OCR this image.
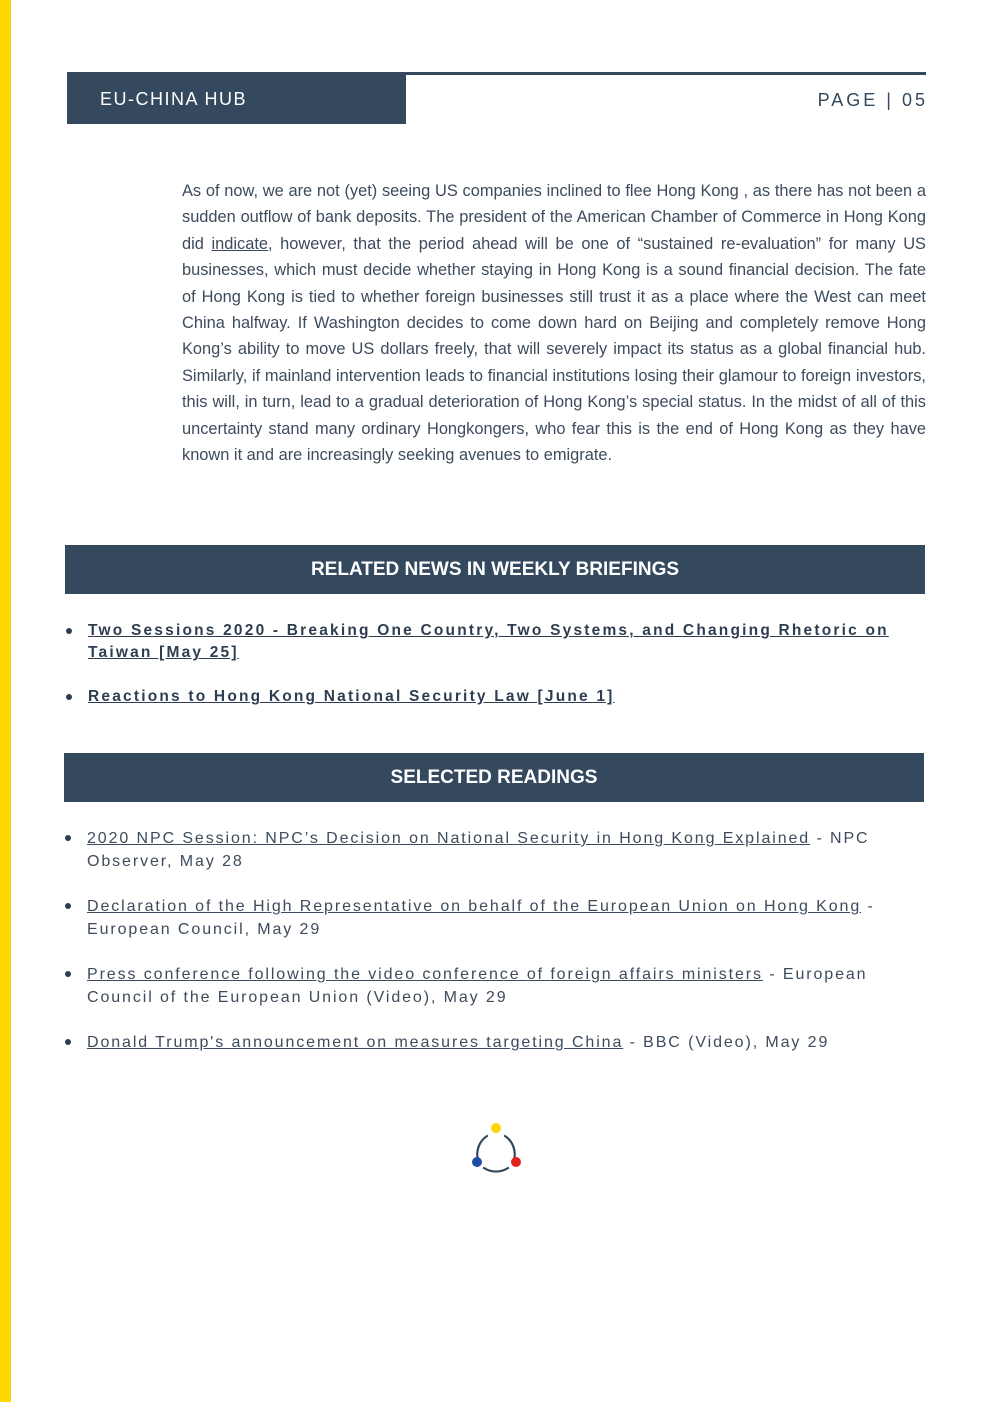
EU-CHINA HUB	PAGE | 05

As of now, we are not (yet) seeing US companies inclined to flee Hong Kong , as there has not been a sudden outflow of bank deposits. The president of the American Chamber of Commerce in Hong Kong did indicate, however, that the period ahead will be one of “sustained re-evaluation” for many US businesses, which must decide whether staying in Hong Kong is a sound financial decision. The fate of Hong Kong is tied to whether foreign businesses still trust it as a place where the West can meet China halfway. If Washington decides to come down hard on Beijing and completely remove Hong Kong’s ability to move US dollars freely, that will severely impact its status as a global financial hub. Similarly, if mainland intervention leads to financial institutions losing their glamour to foreign investors, this will, in turn, lead to a gradual deterioration of Hong Kong’s special status. In the midst of all of this uncertainty stand many ordinary Hongkongers, who fear this is the end of Hong Kong as they have known it and are increasingly seeking avenues to emigrate.

RELATED NEWS IN WEEKLY BRIEFINGS
Two Sessions 2020 - Breaking One Country, Two Systems, and Changing Rhetoric on Taiwan [May 25]
Reactions to Hong Kong National Security Law [June 1]
SELECTED READINGS
2020 NPC Session: NPC’s Decision on National Security in Hong Kong Explained - NPC Observer, May 28
Declaration of the High Representative on behalf of the European Union on Hong Kong - European Council, May 29
Press conference following the video conference of foreign affairs ministers - European Council of the European Union (Video), May 29
Donald Trump's announcement on measures targeting China - BBC (Video), May 29
